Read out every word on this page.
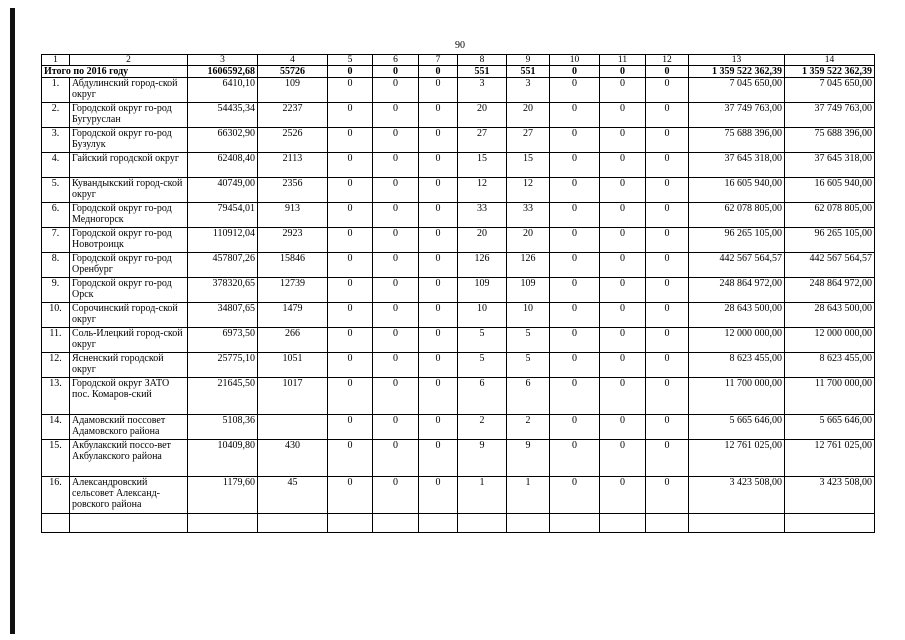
90
1	2	3	4	5	6	7	8	9	10	11	12	13	14
Итого по 2016 году		1606592,68	55726	0	0	0	551	551	0	0	0	1 359 522 362,39	1 359 522 362,39
1.	Абдулинский город-ской округ	6410,10	109	0	0	0	3	3	0	0	0	7 045 650,00	7 045 650,00
2.	Городской округ го-род Бугуруслан	54435,34	2237	0	0	0	20	20	0	0	0	37 749 763,00	37 749 763,00
3.	Городской округ го-род Бузулук	66302,90	2526	0	0	0	27	27	0	0	0	75 688 396,00	75 688 396,00
4.	Гайский городской округ	62408,40	2113	0	0	0	15	15	0	0	0	37 645 318,00	37 645 318,00
5.	Кувандыкский город-ской округ	40749,00	2356	0	0	0	12	12	0	0	0	16 605 940,00	16 605 940,00
6.	Городской округ го-род Медногорск	79454,01	913	0	0	0	33	33	0	0	0	62 078 805,00	62 078 805,00
7.	Городской округ го-род Новотроицк	110912,04	2923	0	0	0	20	20	0	0	0	96 265 105,00	96 265 105,00
8.	Городской округ го-род Оренбург	457807,26	15846	0	0	0	126	126	0	0	0	442 567 564,57	442 567 564,57
9.	Городской округ го-род Орск	378320,65	12739	0	0	0	109	109	0	0	0	248 864 972,00	248 864 972,00
10.	Сорочинский город-ской округ	34807,65	1479	0	0	0	10	10	0	0	0	28 643 500,00	28 643 500,00
11.	Соль-Илецкий город-ской округ	6973,50	266	0	0	0	5	5	0	0	0	12 000 000,00	12 000 000,00
12.	Ясненский городской округ	25775,10	1051	0	0	0	5	5	0	0	0	8 623 455,00	8 623 455,00
13.	Городской округ ЗАТО пос. Комаров-ский	21645,50	1017	0	0	0	6	6	0	0	0	11 700 000,00	11 700 000,00
14.	Адамовский поссовет Адамовского района	5108,36		0	0	0	2	2	0	0	0	5 665 646,00	5 665 646,00
15.	Акбулакский поссо-вет Акбулакского района	10409,80	430	0	0	0	9	9	0	0	0	12 761 025,00	12 761 025,00
16.	Александровский сельсовет Александ-ровского района	1179,60	45	0	0	0	1	1	0	0	0	3 423 508,00	3 423 508,00
